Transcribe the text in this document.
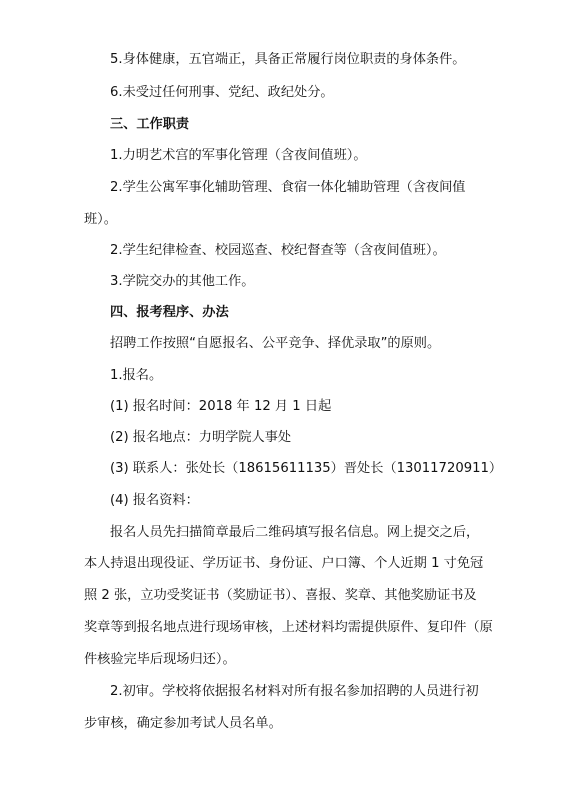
5.身体健康，五官端正，具备正常履行岗位职责的身体条件。
6.未受过任何刑事、党纪、政纪处分。
三、工作职责
1.力明艺术宫的军事化管理（含夜间值班）。
2.学生公寓军事化辅助管理、食宿一体化辅助管理（含夜间值
班）。
2.学生纪律检查、校园巡查、校纪督查等（含夜间值班）。
3.学院交办的其他工作。
四、报考程序、办法
招聘工作按照“自愿报名、公平竞争、择优录取”的原则。
1.报名。
(1) 报名时间：2018 年 12 月 1 日起
(2) 报名地点：力明学院人事处
(3) 联系人：张处长（18615611135）晋处长（13011720911）
(4) 报名资料：
报名人员先扫描简章最后二维码填写报名信息。网上提交之后，
本人持退出现役证、学历证书、身份证、户口簿、个人近期 1 寸免冠
照 2 张，立功受奖证书（奖励证书）、喜报、奖章、其他奖励证书及
奖章等到报名地点进行现场审核，上述材料均需提供原件、复印件（原
件核验完毕后现场归还）。
2.初审。学校将依据报名材料对所有报名参加招聘的人员进行初
步审核，确定参加考试人员名单。
